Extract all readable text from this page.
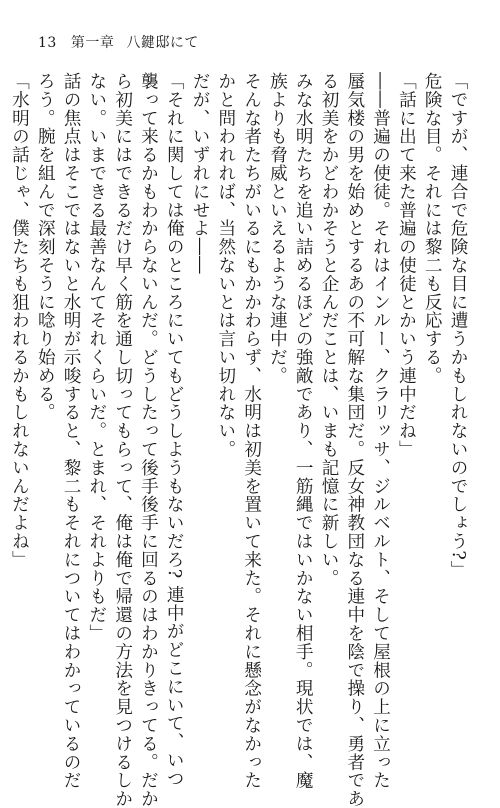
13 第一章 八鍵邸にて

「ですが、連合で危険な目に遭うかもしれないのでしょう?」

危険な目。それには黎二も反応する。

「話に出て来た普遍の使徒とかいう連中だね」

――普遍の使徒。それはインルー、クラリッサ、ジルベルト、そして屋根の上に立った

蜃気楼の男を始めとするあの不可解な集団だ。反女神教団なる連中を陰で操り、勇者であ

る初美をかどわかそうと企んだことは、いまも記憶に新しい。

みな水明たちを追い詰めるほどの強敵であり、一筋縄ではいかない相手。現状では、魔

族よりも脅威といえるような連中だ。

そんな者たちがいるにもかかわらず、水明は初美を置いて来た。それに懸念がなかった

かと問われれば、当然ないとは言い切れない。

だが、いずれにせよ――

「それに関しては俺のところにいてもどうしようもないだろ? 連中がどこにいて、いつ

襲って来るかもわからないんだ。どうしたって後手後手に回るのはわかりきってる。だか

ら初美にはできるだけ早く筋を通し切ってもらって、俺は俺で帰還の方法を見つけるしか

ない。いまできる最善なんてそれくらいだ。とまれ、それよりもだ」

話の焦点はそこではないと水明が示唆すると、黎二もそれについてはわかっているのだ

ろう。腕を組んで深刻そうに唸り始める。

「水明の話じゃ、僕たちも狙われるかもしれないんだよね」
